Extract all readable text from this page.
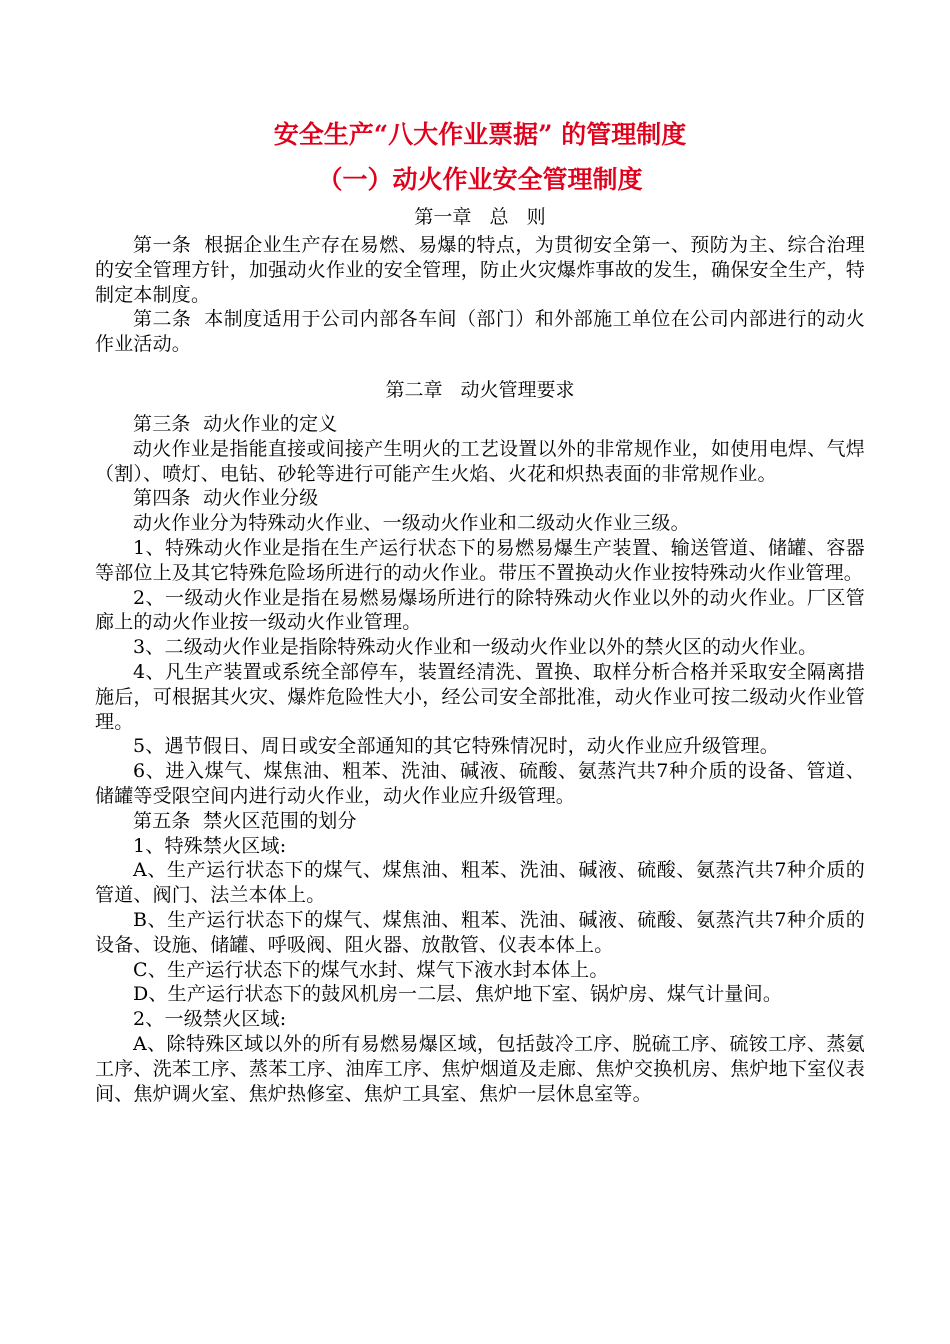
安全生产“八大作业票据” 的管理制度
（一）动火作业安全管理制度
第一章   总   则

第一条  根据企业生产存在易燃、易爆的特点，为贯彻安全第一、预防为主、综合治理的安全管理方针，加强动火作业的安全管理，防止火灾爆炸事故的发生，确保安全生产，特制定本制度。

第二条  本制度适用于公司内部各车间（部门）和外部施工单位在公司内部进行的动火作业活动。

第二章   动火管理要求

第三条  动火作业的定义

动火作业是指能直接或间接产生明火的工艺设置以外的非常规作业，如使用电焊、气焊（割）、喷灯、电钻、砂轮等进行可能产生火焰、火花和炽热表面的非常规作业。

第四条  动火作业分级

动火作业分为特殊动火作业、一级动火作业和二级动火作业三级。

1、特殊动火作业是指在生产运行状态下的易燃易爆生产装置、输送管道、储罐、容器等部位上及其它特殊危险场所进行的动火作业。带压不置换动火作业按特殊动火作业管理。

2、一级动火作业是指在易燃易爆场所进行的除特殊动火作业以外的动火作业。厂区管廊上的动火作业按一级动火作业管理。

3、二级动火作业是指除特殊动火作业和一级动火作业以外的禁火区的动火作业。

4、凡生产装置或系统全部停车，装置经清洗、置换、取样分析合格并采取安全隔离措施后，可根据其火灾、爆炸危险性大小，经公司安全部批准，动火作业可按二级动火作业管理。

5、遇节假日、周日或安全部通知的其它特殊情况时，动火作业应升级管理。

6、进入煤气、煤焦油、粗苯、洗油、碱液、硫酸、氨蒸汽共7种介质的设备、管道、储罐等受限空间内进行动火作业，动火作业应升级管理。

第五条  禁火区范围的划分

1、特殊禁火区域:

A、生产运行状态下的煤气、煤焦油、粗苯、洗油、碱液、硫酸、氨蒸汽共7种介质的管道、阀门、法兰本体上。

B、生产运行状态下的煤气、煤焦油、粗苯、洗油、碱液、硫酸、氨蒸汽共7种介质的设备、设施、储罐、呼吸阀、阻火器、放散管、仪表本体上。

C、生产运行状态下的煤气水封、煤气下液水封本体上。

D、生产运行状态下的鼓风机房一二层、焦炉地下室、锅炉房、煤气计量间。

2、一级禁火区域:

A、除特殊区域以外的所有易燃易爆区域，包括鼓冷工序、脱硫工序、硫铵工序、蒸氨工序、洗苯工序、蒸苯工序、油库工序、焦炉烟道及走廊、焦炉交换机房、焦炉地下室仪表间、焦炉调火室、焦炉热修室、焦炉工具室、焦炉一层休息室等。
